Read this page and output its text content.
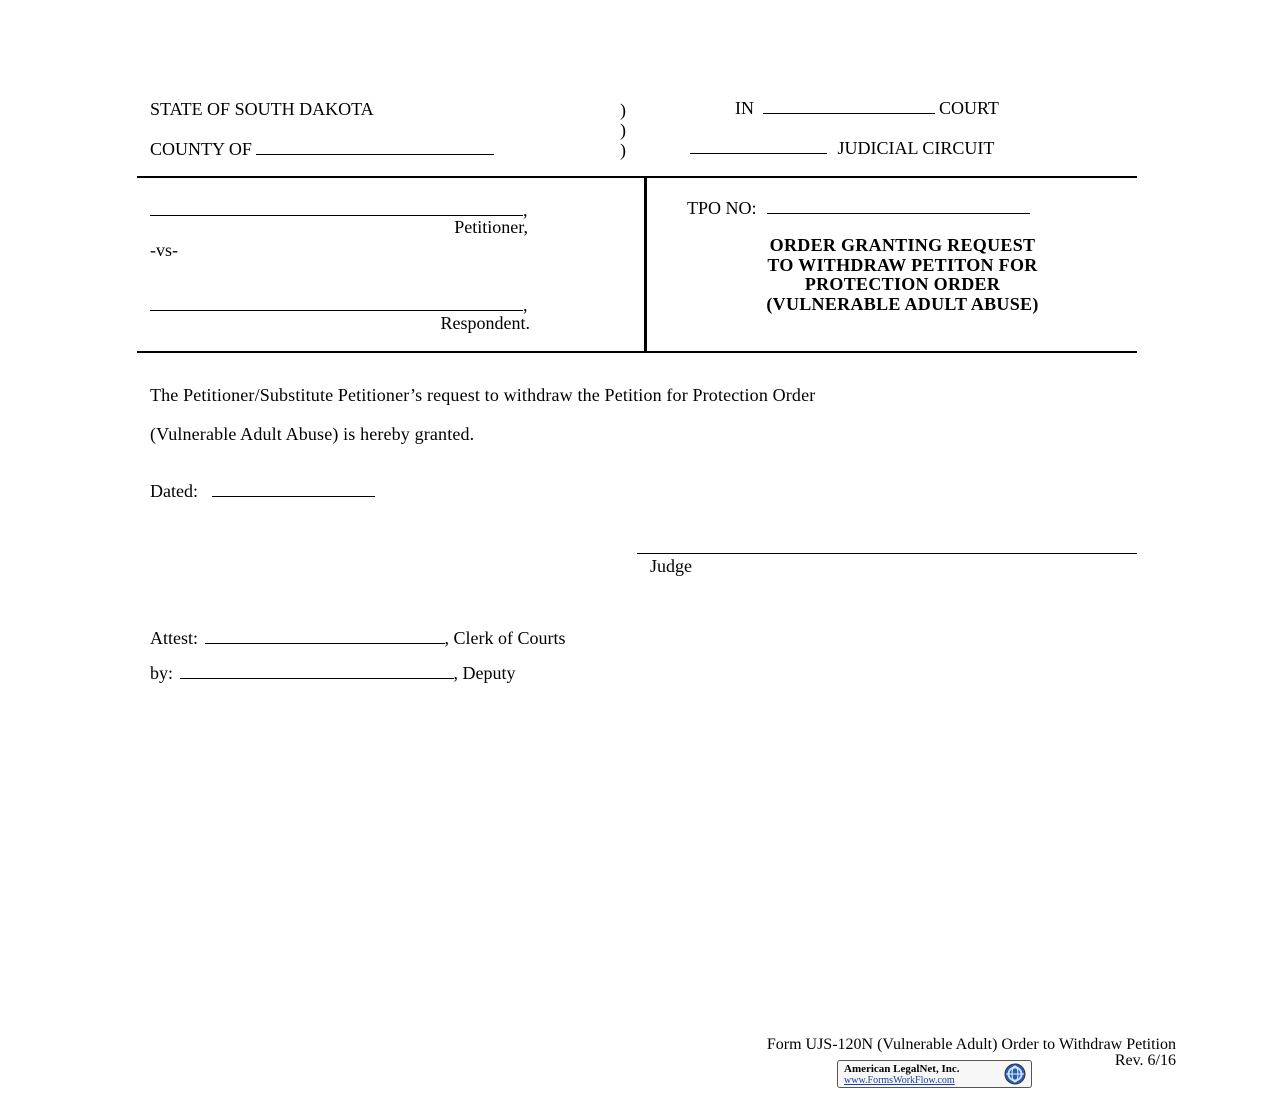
STATE OF SOUTH DAKOTA
COUNTY OF
)
)
)
IN	COURT
JUDICIAL CIRCUIT
,
Petitioner,
-vs-
,
Respondent.
TPO NO:
ORDER GRANTING REQUEST
TO WITHDRAW PETITON FOR
PROTECTION ORDER
(VULNERABLE ADULT ABUSE)
The Petitioner/Substitute Petitioner’s request to withdraw the Petition for Protection Order
(Vulnerable Adult Abuse) is hereby granted.
Dated:
Judge
Attest:	, Clerk of Courts
by:	, Deputy
Form UJS-120N (Vulnerable Adult) Order to Withdraw Petition
Rev. 6/16
American LegalNet, Inc.
www.FormsWorkFlow.com
